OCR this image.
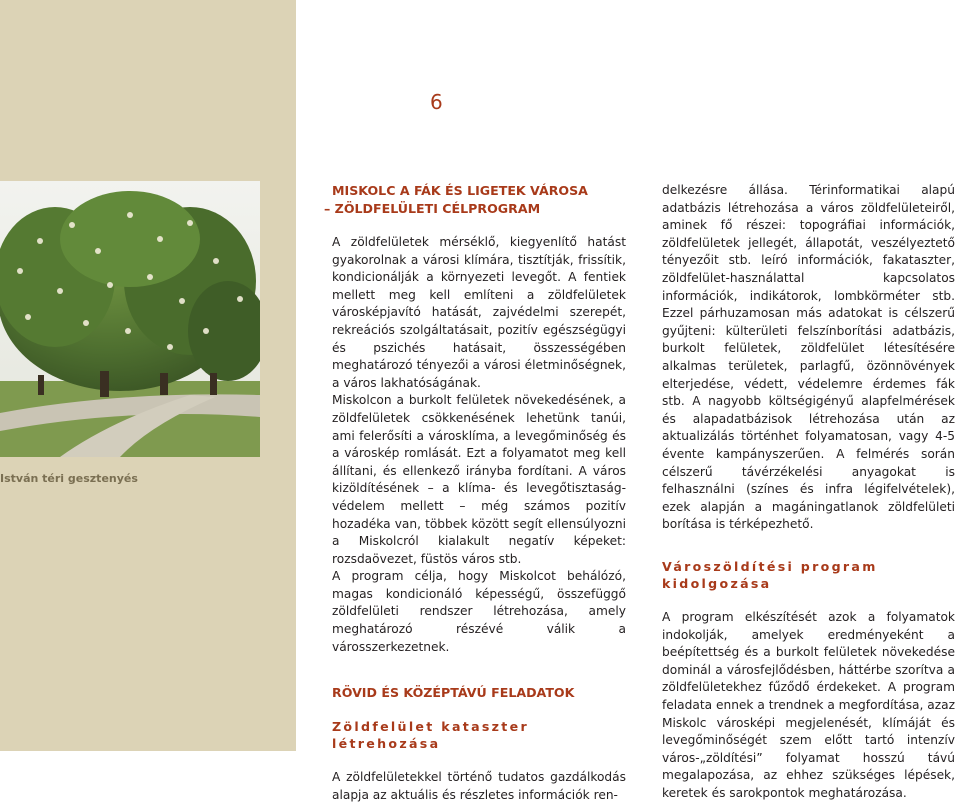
6
István téri gesztenyés
MISKOLC A FÁK ÉS LIGETEK VÁROSA
– ZÖLDFELÜLETI CÉLPROGRAM

A zöldfelületek mérséklő, kiegyenlítő hatást gyakorolnak a városi klímára, tisztítják, frissítik, kondicionálják a környezeti levegőt. A fentiek mellett meg kell említeni a zöldfelületek városképjavító hatását, zajvédelmi szerepét, rekreációs szolgáltatásait, pozitív egészségügyi és pszichés hatásait, összességében meghatározó tényezői a városi életminőségnek, a város lakhatóságának.

Miskolcon a burkolt felületek növekedésének, a zöldfelületek csökkenésének lehetünk tanúi, ami felerősíti a városklíma, a levegőminőség és a városkép romlását. Ezt a folyamatot meg kell állítani, és ellenkező irányba fordítani. A város kizöldítésének – a klíma- és levegőtisztaság-védelem mellett – még számos pozitív hozadéka van, többek között segít ellensúlyozni a Miskolcról kialakult negatív képeket: rozsdaövezet, füstös város stb.

A program célja, hogy Miskolcot behálózó, magas kondicionáló képességű, összefüggő zöldfelületi rendszer létrehozása, amely meghatározó részévé válik a városszerkezetnek.

RÖVID ÉS KÖZÉPTÁVÚ FELADATOK
Zöldfelület kataszter létrehozása

A zöldfelületekkel történő tudatos gazdálkodás alapja az aktuális és részletes információk ren-

delkezésre állása. Térinformatikai alapú adatbázis létrehozása a város zöldfelületeiről, aminek fő részei: topográfiai információk, zöldfelületek jellegét, állapotát, veszélyeztető tényezőit stb. leíró információk, fakataszter, zöldfelület-használattal kapcsolatos információk, indikátorok, lombkörméter stb. Ezzel párhuzamosan más adatokat is célszerű gyűjteni: külterületi felszínborítási adatbázis, burkolt felületek, zöldfelület létesítésére alkalmas területek, parlagfű, özönnövények elterjedése, védett, védelemre érdemes fák stb. A nagyobb költségigényű alapfelmérések és alapadatbázisok létrehozása után az aktualizálás történhet folyamatosan, vagy 4-5 évente kampányszerűen. A felmérés során célszerű távérzékelési anyagokat is felhasználni (színes és infra légifelvételek), ezek alapján a magáningatlanok zöldfelületi borítása is térképezhető.

Városzöldítési program kidolgozása

A program elkészítését azok a folyamatok indokolják, amelyek eredményeként a beépítettség és a burkolt felületek növekedése dominál a városfejlődésben, háttérbe szorítva a zöldfelületekhez fűződő érdekeket. A program feladata ennek a trendnek a megfordítása, azaz Miskolc városképi megjelenését, klímáját és levegőminőségét szem előtt tartó intenzív város-„zöldítési” folyamat hosszú távú megalapozása, az ehhez szükséges lépések, keretek és sarokpontok meghatározása.
